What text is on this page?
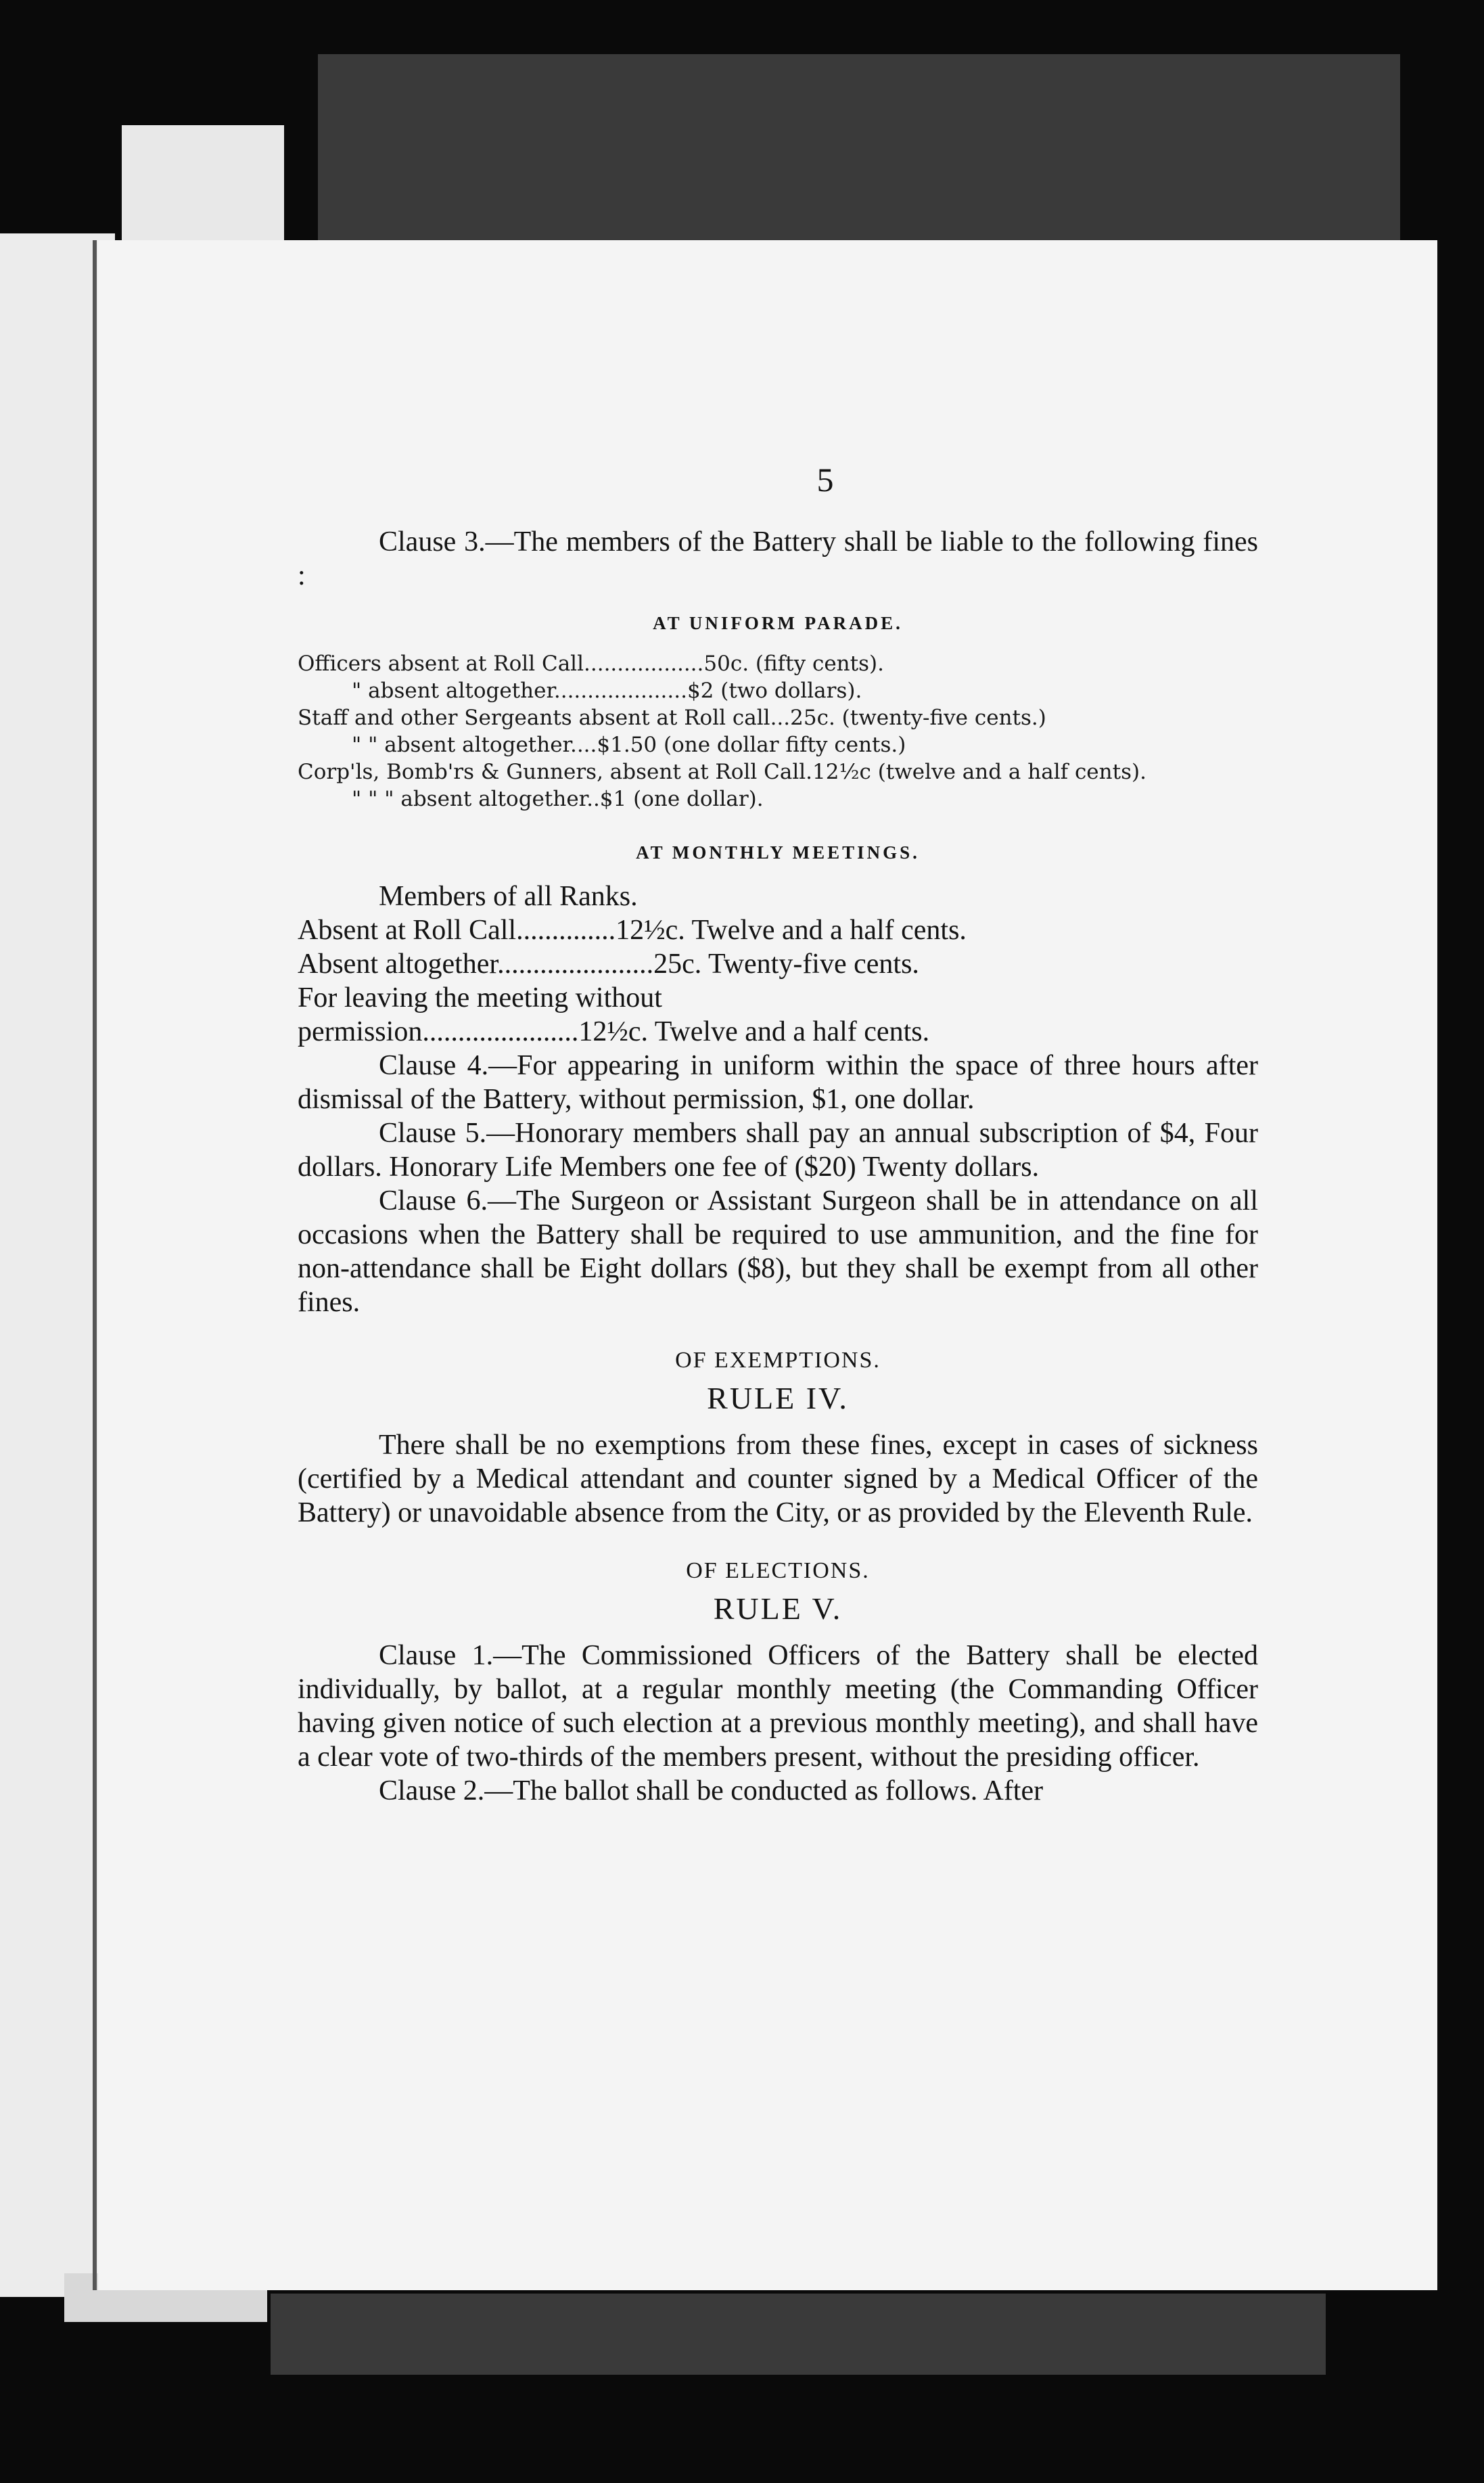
5

Clause 3.—The members of the Battery shall be liable to the following fines :

AT UNIFORM PARADE.

Officers absent at Roll Call..................50c. (fifty cents).

" absent altogether....................$2 (two dollars).

Staff and other Sergeants absent at Roll call...25c. (twenty-five cents.)

" " absent altogether....$1.50 (one dollar fifty cents.)

Corp'ls, Bomb'rs & Gunners, absent at Roll Call.12½c (twelve and a half cents).

" " " absent altogether..$1 (one dollar).

AT MONTHLY MEETINGS.

Members of all Ranks.

Absent at Roll Call..............12½c. Twelve and a half cents.

Absent altogether......................25c. Twenty-five cents.

For leaving the meeting without

permission......................12½c. Twelve and a half cents.

Clause 4.—For appearing in uniform within the space of three hours after dismissal of the Battery, without permission, $1, one dollar.

Clause 5.—Honorary members shall pay an annual subscription of $4, Four dollars. Honorary Life Members one fee of ($20) Twenty dollars.

Clause 6.—The Surgeon or Assistant Surgeon shall be in attendance on all occasions when the Battery shall be required to use ammunition, and the fine for non-attendance shall be Eight dollars ($8), but they shall be exempt from all other fines.

OF EXEMPTIONS.
RULE IV.

There shall be no exemptions from these fines, except in cases of sickness (certified by a Medical attendant and counter signed by a Medical Officer of the Battery) or unavoidable absence from the City, or as provided by the Eleventh Rule.

OF ELECTIONS.
RULE V.

Clause 1.—The Commissioned Officers of the Battery shall be elected individually, by ballot, at a regular monthly meeting (the Commanding Officer having given notice of such election at a previous monthly meeting), and shall have a clear vote of two-thirds of the members present, without the presiding officer.

Clause 2.—The ballot shall be conducted as follows. After
